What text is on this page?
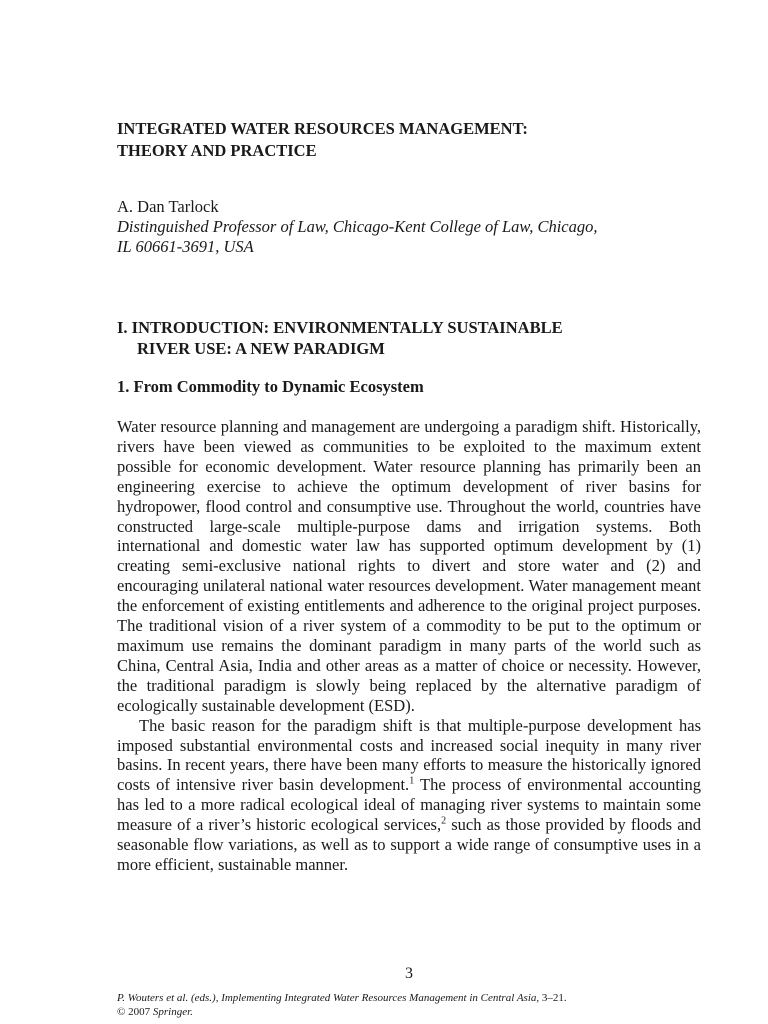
INTEGRATED WATER RESOURCES MANAGEMENT:
THEORY AND PRACTICE
A. Dan Tarlock
Distinguished Professor of Law, Chicago-Kent College of Law, Chicago,
IL 60661-3691, USA
I. INTRODUCTION: ENVIRONMENTALLY SUSTAINABLE
RIVER USE: A NEW PARADIGM
1. From Commodity to Dynamic Ecosystem

Water resource planning and management are undergoing a paradigm shift. Historically, rivers have been viewed as communities to be exploited to the maximum extent possible for economic development. Water resource planning has primarily been an engineering exercise to achieve the optimum development of river basins for hydropower, flood control and consumptive use. Throughout the world, countries have constructed large-scale multiple-purpose dams and irrigation systems. Both international and domestic water law has supported optimum development by (1) creating semi-exclusive national rights to divert and store water and (2) and encouraging unilateral national water resources development. Water management meant the enforcement of existing entitlements and adherence to the original project purposes. The traditional vision of a river system of a commodity to be put to the optimum or maximum use remains the dominant paradigm in many parts of the world such as China, Central Asia, India and other areas as a matter of choice or necessity. However, the traditional paradigm is slowly being replaced by the alternative paradigm of ecologically sustainable development (ESD).

The basic reason for the paradigm shift is that multiple-purpose development has imposed substantial environmental costs and increased social inequity in many river basins. In recent years, there have been many efforts to measure the historically ignored costs of intensive river basin development.$^1$ The process of environmental accounting has led to a more radical ecological ideal of managing river systems to maintain some measure of a river’s historic ecological services,$^2$ such as those provided by floods and seasonable flow variations, as well as to support a wide range of consumptive uses in a more efficient, sustainable manner.

3
P. Wouters et al. (eds.), Implementing Integrated Water Resources Management in Central Asia, 3–21.
© 2007 Springer.
